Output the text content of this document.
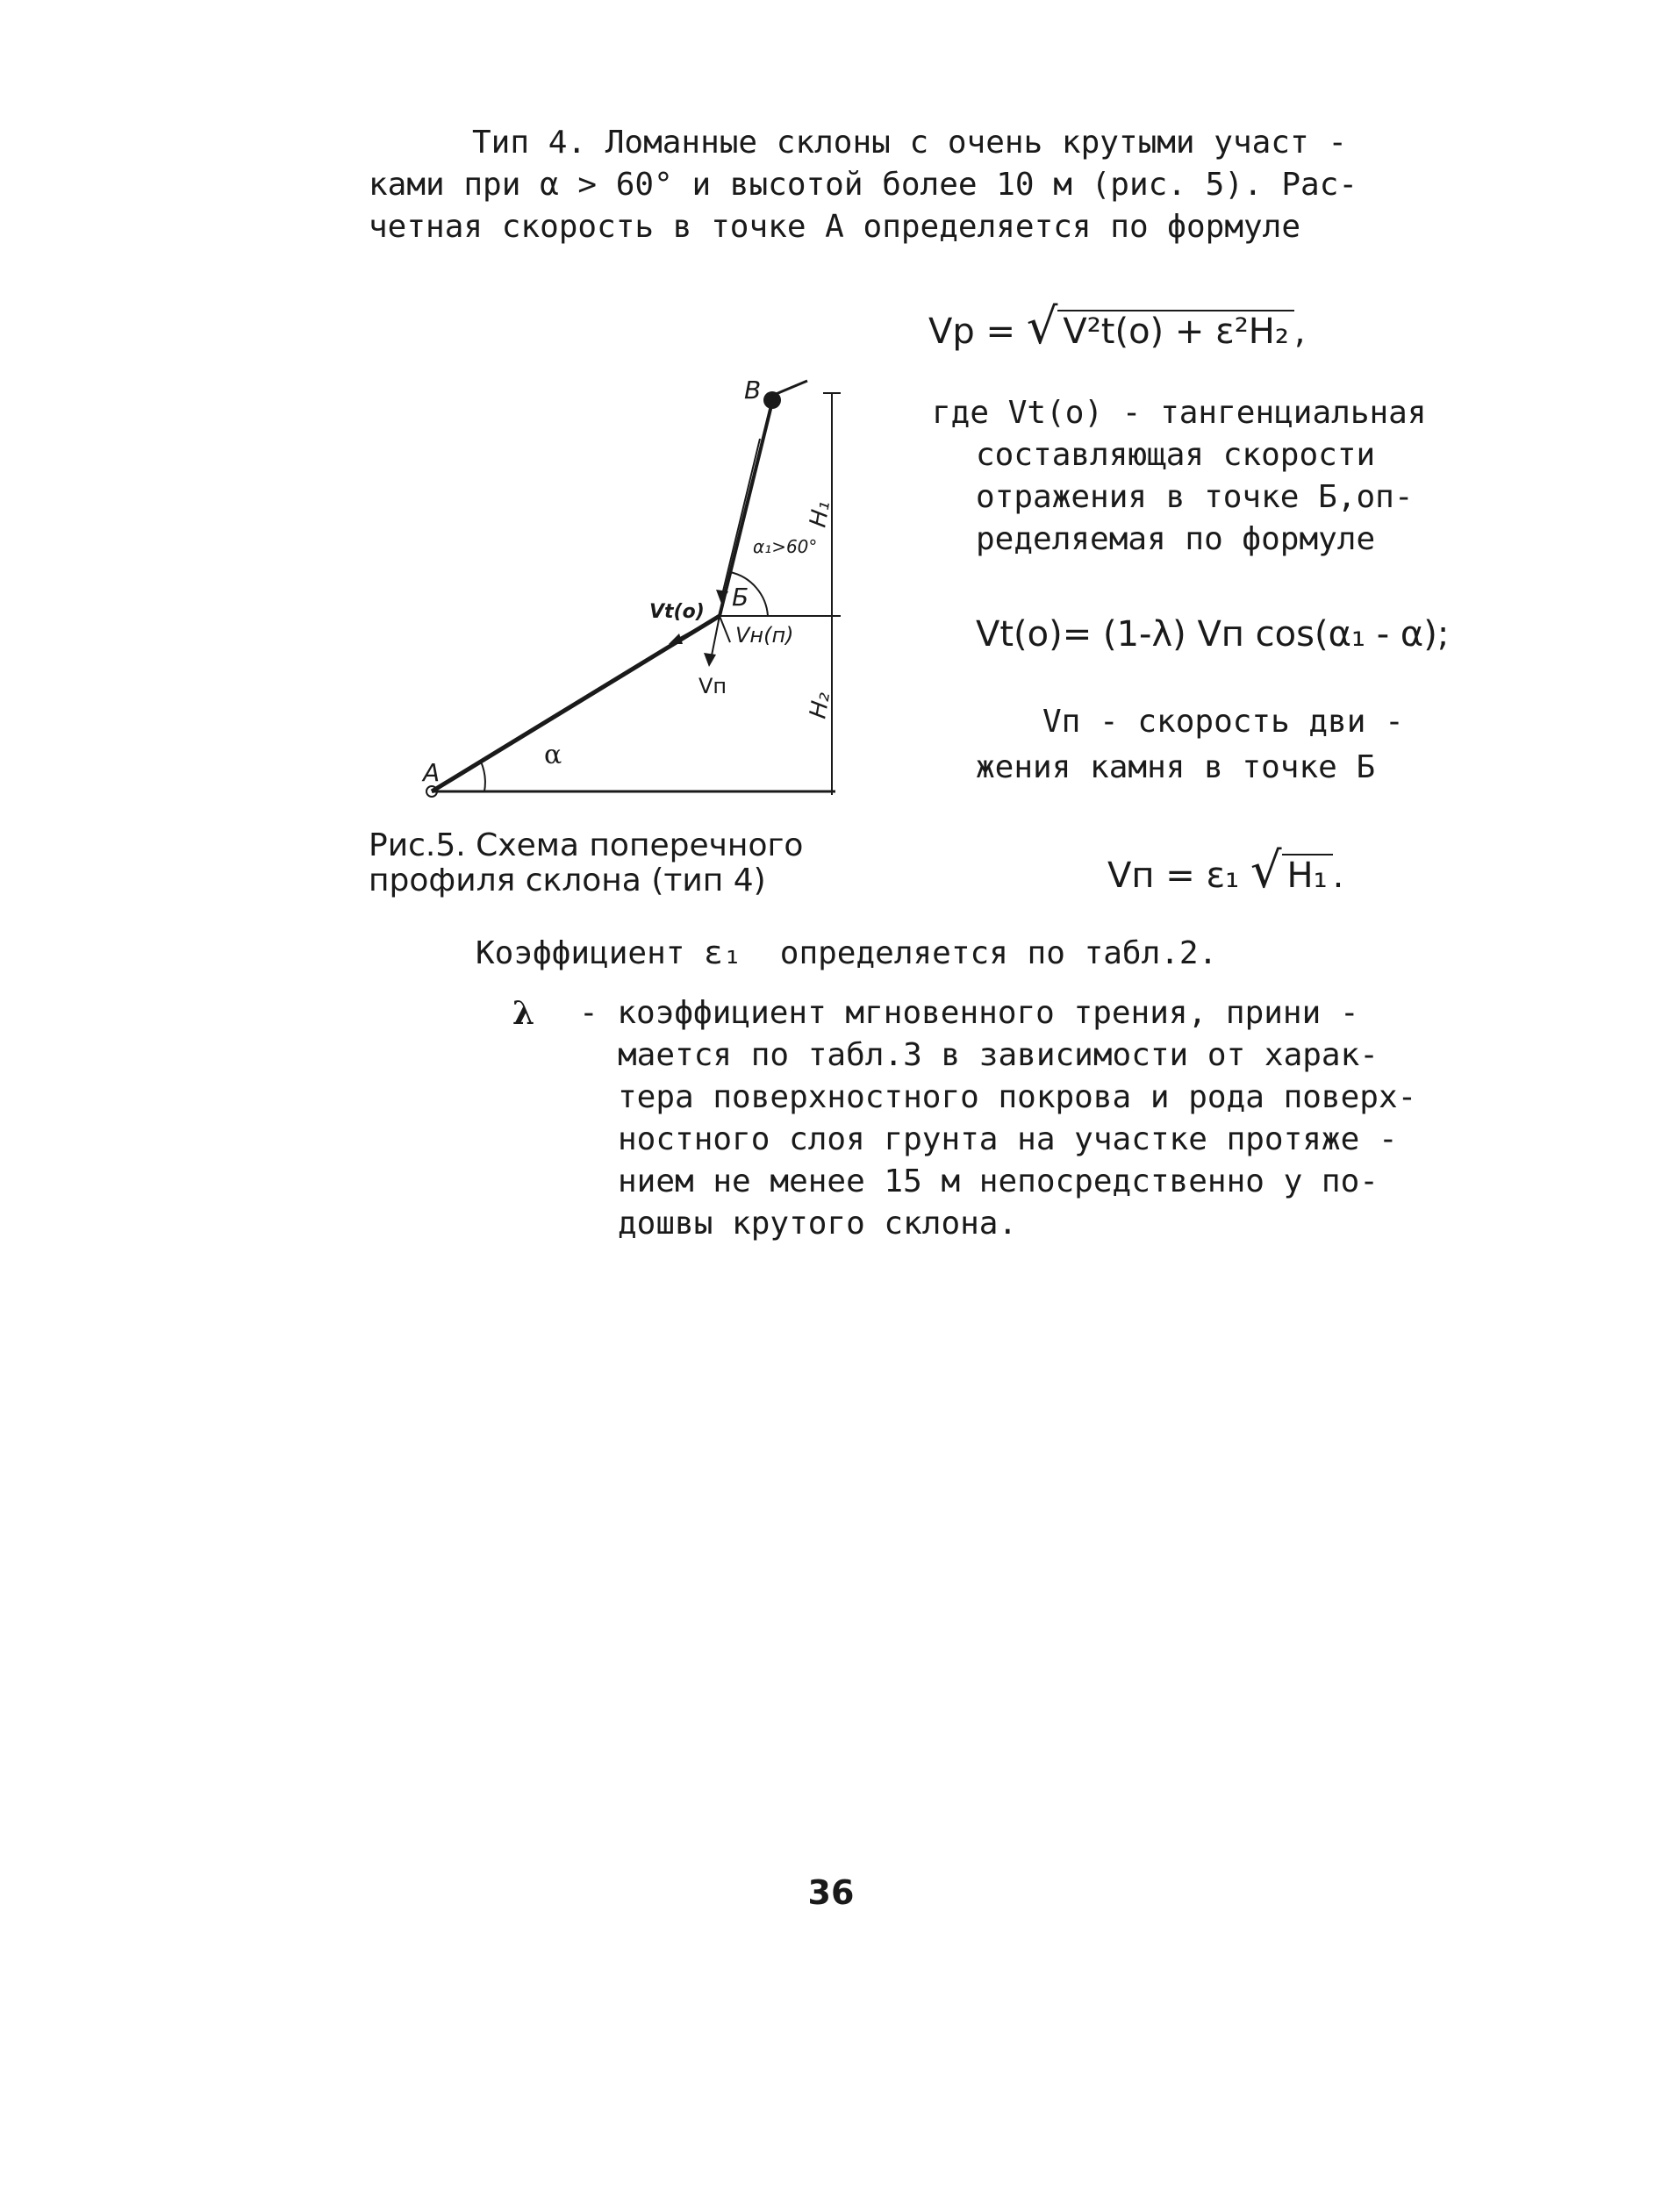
Тип 4. Ломанные склоны с очень крутыми участ -
ками при α > 60° и высотой более 10 м (рис. 5). Рас-
четная скорость в точке А определяется по формуле
Vp = √ V²t(o) + ε²H₂ ,
где Vt(o) - тангенциальная
составляющая скорости
отражения в точке Б,оп-
ределяемая по формуле
Vt(o)= (1-λ) Vп cos(α₁ - α);
Vп - скорость дви -
жения камня в точке Б
Vп = ε₁ √ H₁ .
A
B
Б
α
α₁>60°
Vt(o)
Vн(п)
Vп
H₁
H₂
Рис.5. Схема поперечного
профиля склона (тип 4)
Коэффициент ε₁  определяется по табл.2.
λ - коэффициент мгновенного трения, прини -
мается по табл.3 в зависимости от харак-
тера поверхностного покрова и рода поверх-
ностного слоя грунта на участке протяже -
нием не менее 15 м непосредственно у по-
дошвы крутого склона.
36
